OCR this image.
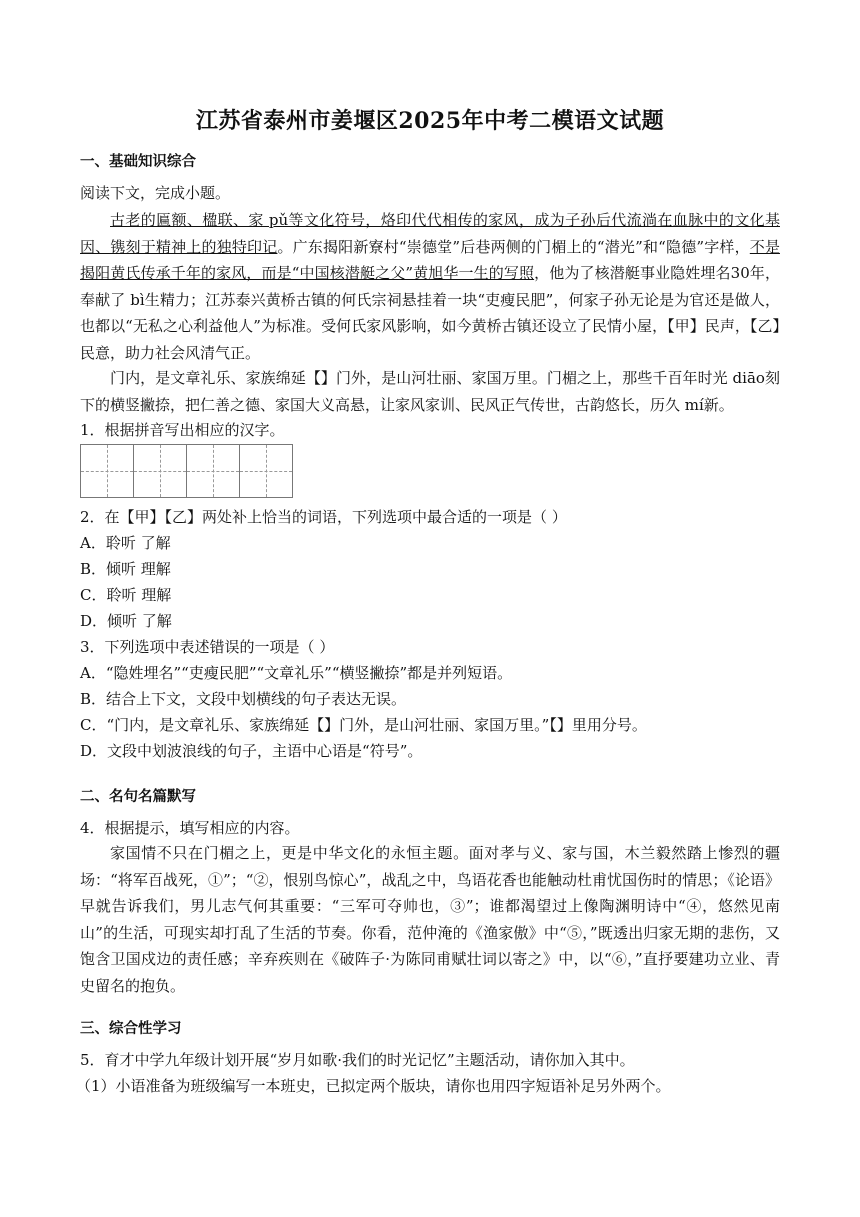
江苏省泰州市姜堰区2025年中考二模语文试题
一、基础知识综合
阅读下文，完成小题。
古老的匾额、楹联、家 pǔ等文化符号，烙印代代相传的家风，成为子孙后代流淌在血脉中的文化基因、镌刻于精神上的独特印记。广东揭阳新寮村“崇德堂”后巷两侧的门楣上的“潜光”和“隐德”字样，不是揭阳黄氏传承千年的家风，而是“中国核潜艇之父”黄旭华一生的写照，他为了核潜艇事业隐姓埋名30年，奉献了 bì生精力；江苏泰兴黄桥古镇的何氏宗祠悬挂着一块“吏瘦民肥”，何家子孙无论是为官还是做人，也都以“无私之心利益他人”为标准。受何氏家风影响，如今黄桥古镇还设立了民情小屋，【甲】民声，【乙】民意，助力社会风清气正。
门内，是文章礼乐、家族绵延【】门外，是山河壮丽、家国万里。门楣之上，那些千百年时光 diāo刻下的横竖撇捺，把仁善之德、家国大义高悬，让家风家训、民风正气传世，古韵悠长，历久 mí新。
1．根据拼音写出相应的汉字。
2．在【甲】【乙】两处补上恰当的词语，下列选项中最合适的一项是（ ）
A．聆听 了解
B．倾听 理解
C．聆听 理解
D．倾听 了解
3．下列选项中表述错误的一项是（ ）
A．“隐姓埋名”“吏瘦民肥”“文章礼乐”“横竖撇捺”都是并列短语。
B．结合上下文，文段中划横线的句子表达无误。
C．“门内，是文章礼乐、家族绵延【】门外，是山河壮丽、家国万里。”【】里用分号。
D．文段中划波浪线的句子，主语中心语是“符号”。
二、名句名篇默写
4．根据提示，填写相应的内容。
家国情不只在门楣之上，更是中华文化的永恒主题。面对孝与义、家与国，木兰毅然踏上惨烈的疆场：“将军百战死，①”；“②，恨别鸟惊心”，战乱之中，鸟语花香也能触动杜甫忧国伤时的情思；《论语》早就告诉我们，男儿志气何其重要：“三军可夺帅也，③”；谁都渴望过上像陶渊明诗中“④，悠然见南山”的生活，可现实却打乱了生活的节奏。你看，范仲淹的《渔家傲》中“⑤，”既透出归家无期的悲伤，又饱含卫国戍边的责任感；辛弃疾则在《破阵子·为陈同甫赋壮词以寄之》中，以“⑥，”直抒要建功立业、青史留名的抱负。
三、综合性学习
5．育才中学九年级计划开展“岁月如歌·我们的时光记忆”主题活动，请你加入其中。
（1）小语准备为班级编写一本班史，已拟定两个版块，请你也用四字短语补足另外两个。
